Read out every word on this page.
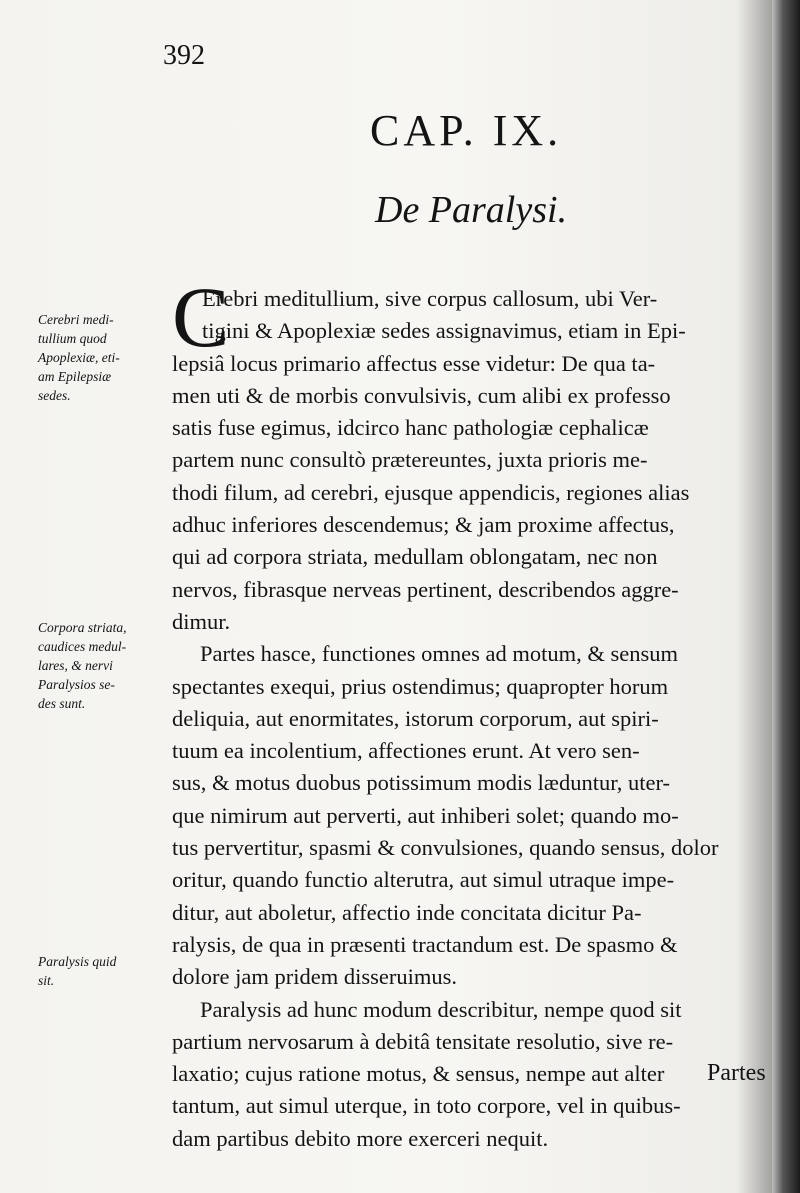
392
CAP. IX.
De Paralysi.
Cerebri medi-
tullium quod
Apoplexiæ, eti-
am Epilepsiæ
sedes.
Corpora striata,
caudices medul-
lares, & nervi
Paralysios se-
des sunt.
Paralysis quid
sit.
C
Erebri meditullium, sive corpus callosum, ubi Ver-
tigini & Apoplexiæ sedes assignavimus, etiam in Epi-
lepsiâ locus primario affectus esse videtur: De qua ta-
men uti & de morbis convulsivis, cum alibi ex professo
satis fuse egimus, idcirco hanc pathologiæ cephalicæ
partem nunc consultò prætereuntes, juxta prioris me-
thodi filum, ad cerebri, ejusque appendicis, regiones alias
adhuc inferiores descendemus; & jam proxime affectus,
qui ad corpora striata, medullam oblongatam, nec non
nervos, fibrasque nerveas pertinent, describendos aggre-
dimur.
Partes hasce, functiones omnes ad motum, & sensum
spectantes exequi, prius ostendimus; quapropter horum
deliquia, aut enormitates, istorum corporum, aut spiri-
tuum ea incolentium, affectiones erunt. At vero sen-
sus, & motus duobus potissimum modis læduntur, uter-
que nimirum aut perverti, aut inhiberi solet; quando mo-
tus pervertitur, spasmi & convulsiones, quando sensus, dolor
oritur, quando functio alterutra, aut simul utraque impe-
ditur, aut aboletur, affectio inde concitata dicitur Pa-
ralysis, de qua in præsenti tractandum est. De spasmo &
dolore jam pridem disseruimus.
Paralysis ad hunc modum describitur, nempe quod sit
partium nervosarum à debitâ tensitate resolutio, sive re-
laxatio; cujus ratione motus, & sensus, nempe aut alter
tantum, aut simul uterque, in toto corpore, vel in quibus-
dam partibus debito more exerceri nequit.
Partes
